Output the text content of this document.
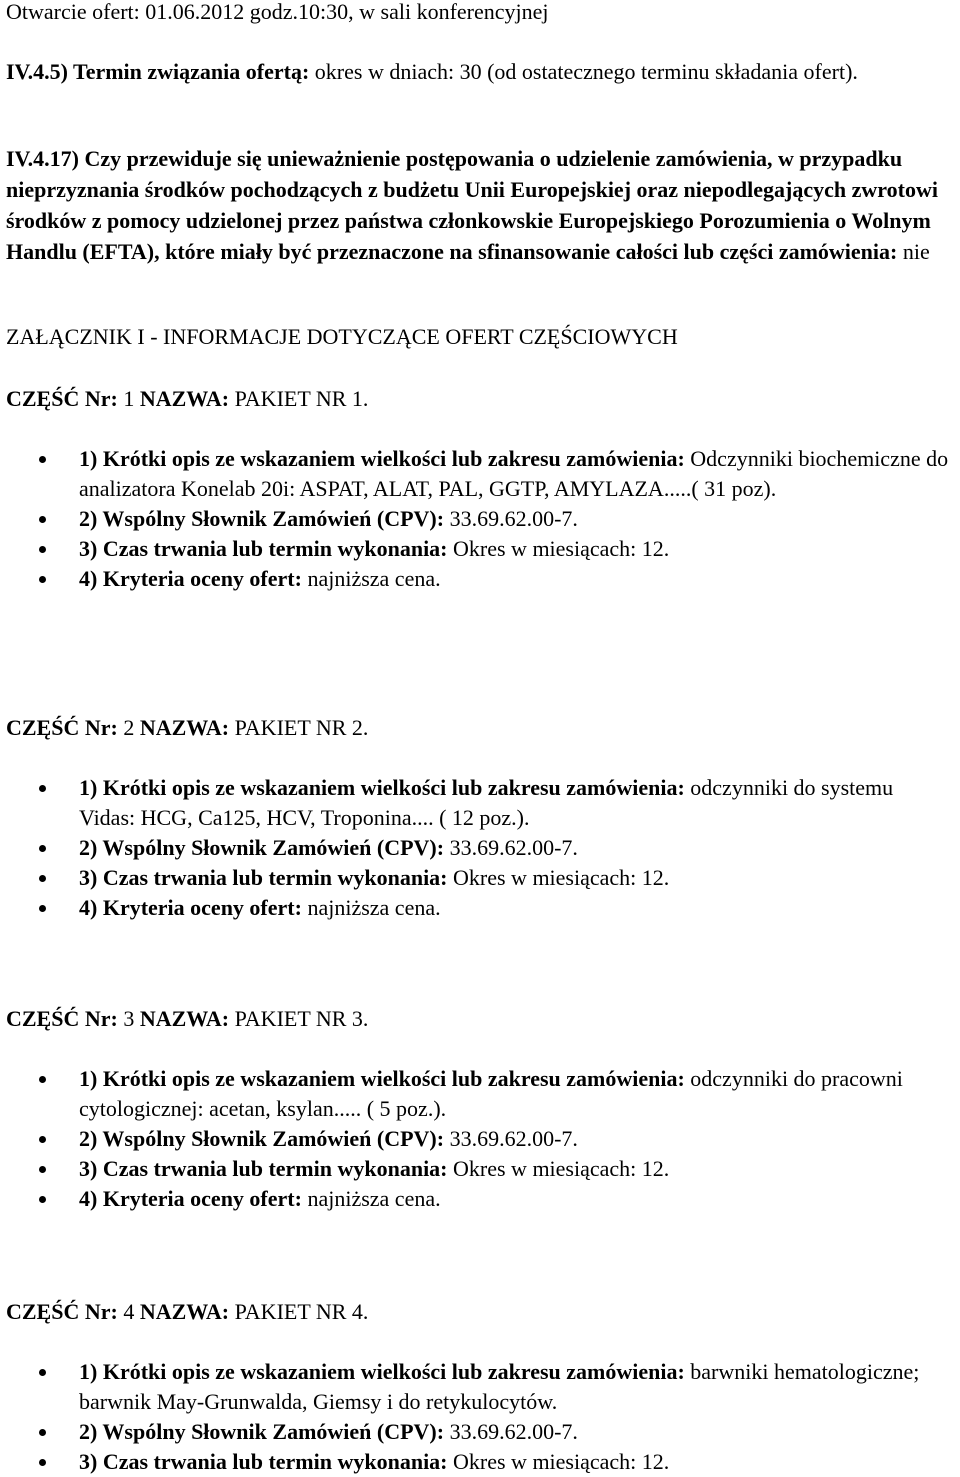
Otwarcie ofert: 01.06.2012 godz.10:30, w sali konferencyjnej

IV.4.5) Termin związania ofertą: okres w dniach: 30 (od ostatecznego terminu składania ofert).

IV.4.17) Czy przewiduje się unieważnienie postępowania o udzielenie zamówienia, w przypadku nieprzyznania środków pochodzących z budżetu Unii Europejskiej oraz niepodlegających zwrotowi środków z pomocy udzielonej przez państwa członkowskie Europejskiego Porozumienia o Wolnym Handlu (EFTA), które miały być przeznaczone na sfinansowanie całości lub części zamówienia: nie

ZAŁĄCZNIK I - INFORMACJE DOTYCZĄCE OFERT CZĘŚCIOWYCH

CZĘŚĆ Nr: 1 NAZWA: PAKIET NR 1.

1) Krótki opis ze wskazaniem wielkości lub zakresu zamówienia: Odczynniki biochemiczne do analizatora Konelab 20i: ASPAT, ALAT, PAL, GGTP, AMYLAZA.....( 31 poz).
2) Wspólny Słownik Zamówień (CPV): 33.69.62.00-7.
3) Czas trwania lub termin wykonania: Okres w miesiącach: 12.
4) Kryteria oceny ofert: najniższa cena.

CZĘŚĆ Nr: 2 NAZWA: PAKIET NR 2.

1) Krótki opis ze wskazaniem wielkości lub zakresu zamówienia: odczynniki do systemu Vidas: HCG, Ca125, HCV, Troponina.... ( 12 poz.).
2) Wspólny Słownik Zamówień (CPV): 33.69.62.00-7.
3) Czas trwania lub termin wykonania: Okres w miesiącach: 12.
4) Kryteria oceny ofert: najniższa cena.

CZĘŚĆ Nr: 3 NAZWA: PAKIET NR 3.

1) Krótki opis ze wskazaniem wielkości lub zakresu zamówienia: odczynniki do pracowni cytologicznej: acetan, ksylan..... ( 5 poz.).
2) Wspólny Słownik Zamówień (CPV): 33.69.62.00-7.
3) Czas trwania lub termin wykonania: Okres w miesiącach: 12.
4) Kryteria oceny ofert: najniższa cena.

CZĘŚĆ Nr: 4 NAZWA: PAKIET NR 4.

1) Krótki opis ze wskazaniem wielkości lub zakresu zamówienia: barwniki hematologiczne; barwnik May-Grunwalda, Giemsy i do retykulocytów.
2) Wspólny Słownik Zamówień (CPV): 33.69.62.00-7.
3) Czas trwania lub termin wykonania: Okres w miesiącach: 12.
